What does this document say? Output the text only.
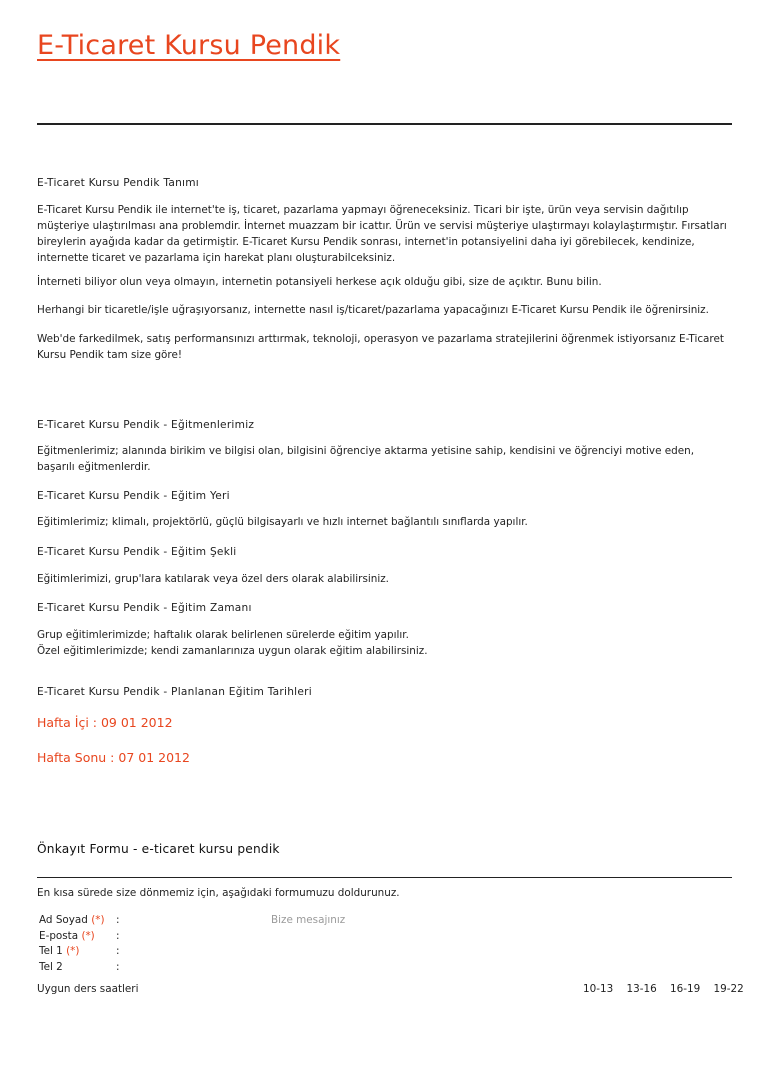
E-Ticaret Kursu Pendik

E-Ticaret Kursu Pendik Tanımı

E-Ticaret Kursu Pendik ile internet'te iş, ticaret, pazarlama yapmayı öğreneceksiniz. Ticari bir işte, ürün veya servisin dağıtılıp müşteriye ulaştırılması ana problemdir. İnternet muazzam bir icattır. Ürün ve servisi müşteriye ulaştırmayı kolaylaştırmıştır. Fırsatları bireylerin ayağıda kadar da getirmiştir. E-Ticaret Kursu Pendik sonrası, internet'in potansiyelini daha iyi görebilecek, kendinize, internette ticaret ve pazarlama için harekat planı oluşturabilceksiniz.

İnterneti biliyor olun veya olmayın, internetin potansiyeli herkese açık olduğu gibi, size de açıktır. Bunu bilin.

Herhangi bir ticaretle/işle uğraşıyorsanız, internette nasıl iş/ticaret/pazarlama yapacağınızı E-Ticaret Kursu Pendik ile öğrenirsiniz.

Web'de farkedilmek, satış performansınızı arttırmak, teknoloji, operasyon ve pazarlama stratejilerini öğrenmek istiyorsanız E-Ticaret Kursu Pendik tam size göre!

E-Ticaret Kursu Pendik - Eğitmenlerimiz

Eğitmenlerimiz; alanında birikim ve bilgisi olan, bilgisini öğrenciye aktarma yetisine sahip, kendisini ve öğrenciyi motive eden, başarılı eğitmenlerdir.

E-Ticaret Kursu Pendik - Eğitim Yeri

Eğitimlerimiz; klimalı, projektörlü, güçlü bilgisayarlı ve hızlı internet bağlantılı sınıflarda yapılır.

E-Ticaret Kursu Pendik - Eğitim Şekli

Eğitimlerimizi, grup'lara katılarak veya özel ders olarak alabilirsiniz.

E-Ticaret Kursu Pendik - Eğitim Zamanı

Grup eğitimlerimizde; haftalık olarak belirlenen sürelerde eğitim yapılır.

Özel eğitimlerimizde; kendi zamanlarınıza uygun olarak eğitim alabilirsiniz.

E-Ticaret Kursu Pendik - Planlanan Eğitim Tarihleri

Hafta İçi : 09 01 2012

Hafta Sonu : 07 01 2012

Önkayıt Formu - e-ticaret kursu pendik

En kısa sürede size dönmemiz için, aşağıdaki formumuzu doldurunuz.

Ad Soyad (*) :
E-posta (*) :
Tel 1 (*)	:
Tel 2	:
Bize mesajınız
Uygun ders saatleri	10-13 13-16 16-19 19-22
